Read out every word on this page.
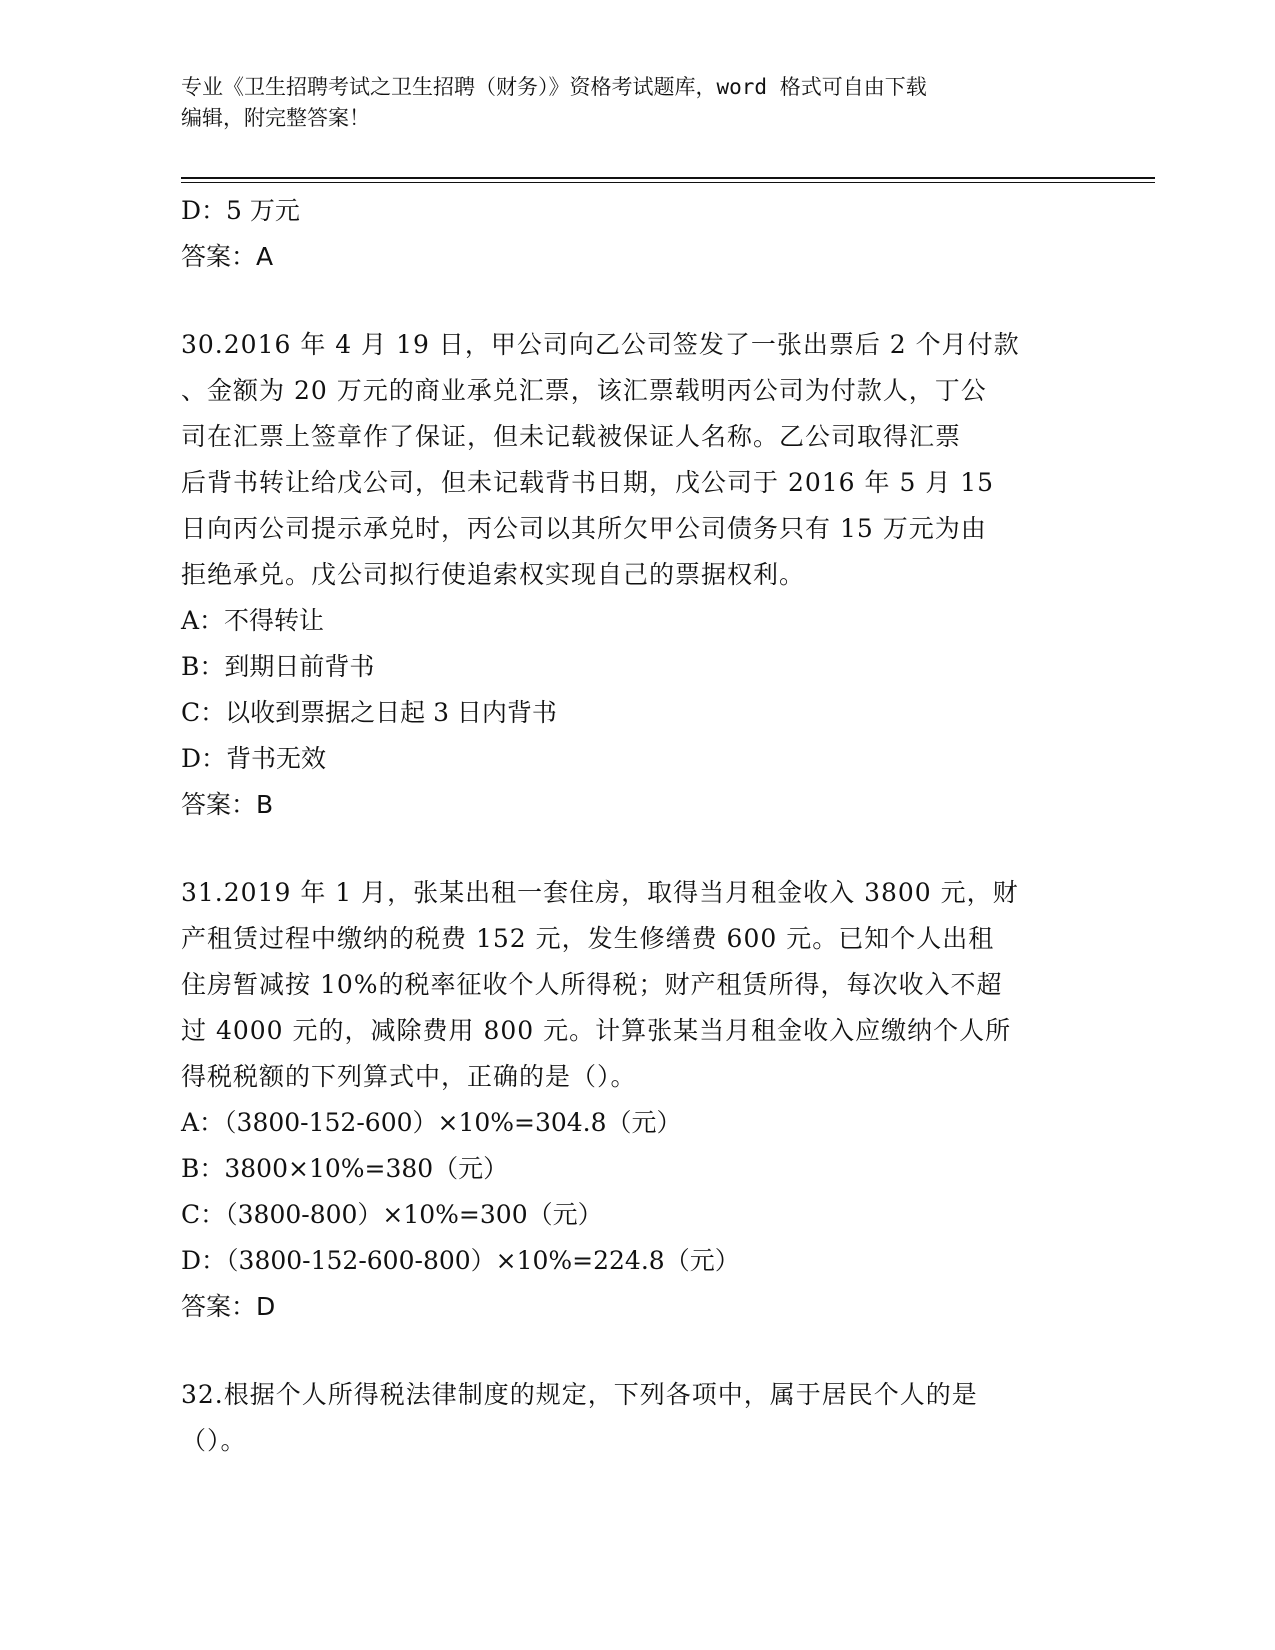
专业《卫生招聘考试之卫生招聘（财务）》资格考试题库，word 格式可自由下载
编辑，附完整答案！
D：5 万元
答案：A
30.2016 年 4 月 19 日，甲公司向乙公司签发了一张出票后 2 个月付款
、金额为 20 万元的商业承兑汇票，该汇票载明丙公司为付款人，丁公
司在汇票上签章作了保证，但未记载被保证人名称。乙公司取得汇票
后背书转让给戊公司，但未记载背书日期，戊公司于 2016 年 5 月 15
日向丙公司提示承兑时，丙公司以其所欠甲公司债务只有 15 万元为由
拒绝承兑。戊公司拟行使追索权实现自己的票据权利。
A：不得转让
B：到期日前背书
C：以收到票据之日起 3 日内背书
D：背书无效
答案：B
31.2019 年 1 月，张某出租一套住房，取得当月租金收入 3800 元，财
产租赁过程中缴纳的税费 152 元，发生修缮费 600 元。已知个人出租
住房暂减按 10%的税率征收个人所得税；财产租赁所得，每次收入不超
过 4000 元的，减除费用 800 元。计算张某当月租金收入应缴纳个人所
得税税额的下列算式中，正确的是（）。
A：（3800-152-600）×10%=304.8（元）
B：3800×10%=380（元）
C：（3800-800）×10%=300（元）
D：（3800-152-600-800）×10%=224.8（元）
答案：D
32.根据个人所得税法律制度的规定，下列各项中，属于居民个人的是
（）。
